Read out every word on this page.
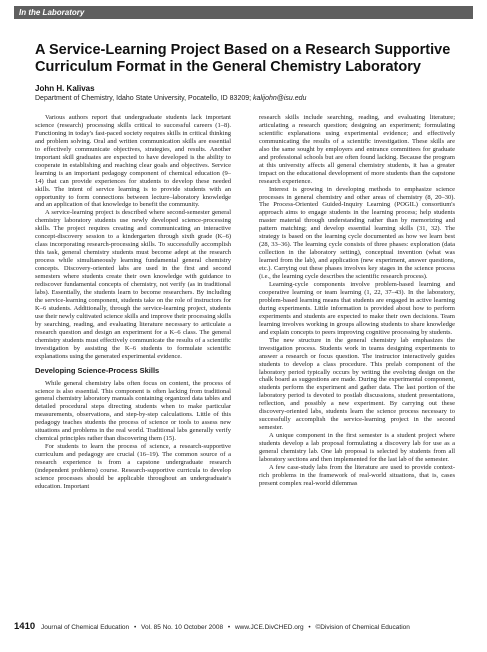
In the Laboratory
A Service-Learning Project Based on a Research Supportive Curriculum Format in the General Chemistry Laboratory
John H. Kalivas
Department of Chemistry, Idaho State University, Pocatello, ID 83209; kalijohn@isu.edu

Various authors report that undergraduate students lack important science (research) processing skills critical to successful careers (1–8). Functioning in today's fast-paced society requires skills in critical thinking and problem solving. Oral and written communication skills are essential to effectively communicate objectives, strategies, and results. Another important skill graduates are expected to have developed is the ability to cooperate in establishing and reaching clear goals and objectives. Service learning is an important pedagogy component of chemical education (9–14) that can provide experiences for students to develop these needed skills. The intent of service learning is to provide students with an opportunity to form connections between lecture–laboratory knowledge and an application of that knowledge to benefit the community.

A service-learning project is described where second-semester general chemistry laboratory students use newly developed science-processing skills. The project requires creating and communicating an interactive concept-discovery session to a kindergarten through sixth grade (K–6) class incorporating research-processing skills. To successfully accomplish this task, general chemistry students must become adept at the research process while simultaneously learning fundamental general chemistry concepts. Discovery-oriented labs are used in the first and second semesters where students create their own knowledge with guidance to rediscover fundamental concepts of chemistry, not verify (as in traditional labs). Essentially, the students learn to become researchers. By including the service-learning component, students take on the role of instructors for K–6 students. Additionally, through the service-learning project, students use their newly cultivated science skills and improve their processing skills by searching, reading, and evaluating literature necessary to articulate a research question and design an experiment for a K–6 class. The general chemistry students must effectively communicate the results of a scientific investigation by assisting the K–6 students to formulate scientific explanations using the generated experimental evidence.

Developing Science-Process Skills

While general chemistry labs often focus on content, the process of science is also essential. This component is often lacking from traditional general chemistry laboratory manuals containing organized data tables and detailed procedural steps directing students when to make particular measurements, observations, and step-by-step calculations. Little of this pedagogy teaches students the process of science or tools to assess new situations and problems in the real world. Traditional labs generally verify chemical principles rather than discovering them (15).

For students to learn the process of science, a research-supportive curriculum and pedagogy are crucial (16–19). The common source of a research experience is from a capstone undergraduate research (independent problems) course. Research-supportive curricula to develop science processes should be applicable throughout an undergraduate's education. Important

research skills include searching, reading, and evaluating literature; articulating a research question; designing an experiment; formulating scientific explanations using experimental evidence; and effectively communicating the results of a scientific investigation. These skills are also the same sought by employers and entrance committees for graduate and professional schools but are often found lacking. Because the program at this university affects all general chemistry students, it has a greater impact on the educational development of more students than the capstone research experience.

Interest is growing in developing methods to emphasize science processes in general chemistry and other areas of chemistry (8, 20–30). The Process-Oriented Guided-Inquiry Learning (POGIL) consortium's approach aims to engage students in the learning process; help students master material through understanding rather than by memorizing and pattern matching; and develop essential learning skills (31, 32). The strategy is based on the learning cycle documented as how we learn best (28, 33–36). The learning cycle consists of three phases: exploration (data collection in the laboratory setting), conceptual invention (what was learned from the lab), and application (new experiment, answer questions, etc.). Carrying out these phases involves key stages in the science process (i.e., the learning cycle describes the scientific research process).

Learning-cycle components involve problem-based learning and cooperative learning or team learning (1, 22, 37–43). In the laboratory, problem-based learning means that students are engaged in active learning during experiments. Little information is provided about how to perform experiments and students are expected to make their own decisions. Team learning involves working in groups allowing students to share knowledge and explain concepts to peers improving cognitive processing by students.

The new structure in the general chemistry lab emphasizes the investigation process. Students work in teams designing experiments to answer a research or focus question. The instructor interactively guides students to develop a class procedure. This prelab component of the laboratory period typically occurs by writing the evolving design on the chalk board as suggestions are made. During the experimental component, students perform the experiment and gather data. The last portion of the laboratory period is devoted to postlab discussions, student presentations, reflection, and possibly a new experiment. By carrying out these discovery-oriented labs, students learn the science process necessary to successfully accomplish the service-learning project in the second semester.

A unique component in the first semester is a student project where students develop a lab proposal formulating a discovery lab for use as a general chemistry lab. One lab proposal is selected by students from all laboratory sections and then implemented for the last lab of the semester.

A few case-study labs from the literature are used to provide context-rich problems in the framework of real-world situations, that is, cases present complex real-world dilemmas

1410 Journal of Chemical Education • Vol. 85 No. 10 October 2008 • www.JCE.DivCHED.org • ©Division of Chemical Education
